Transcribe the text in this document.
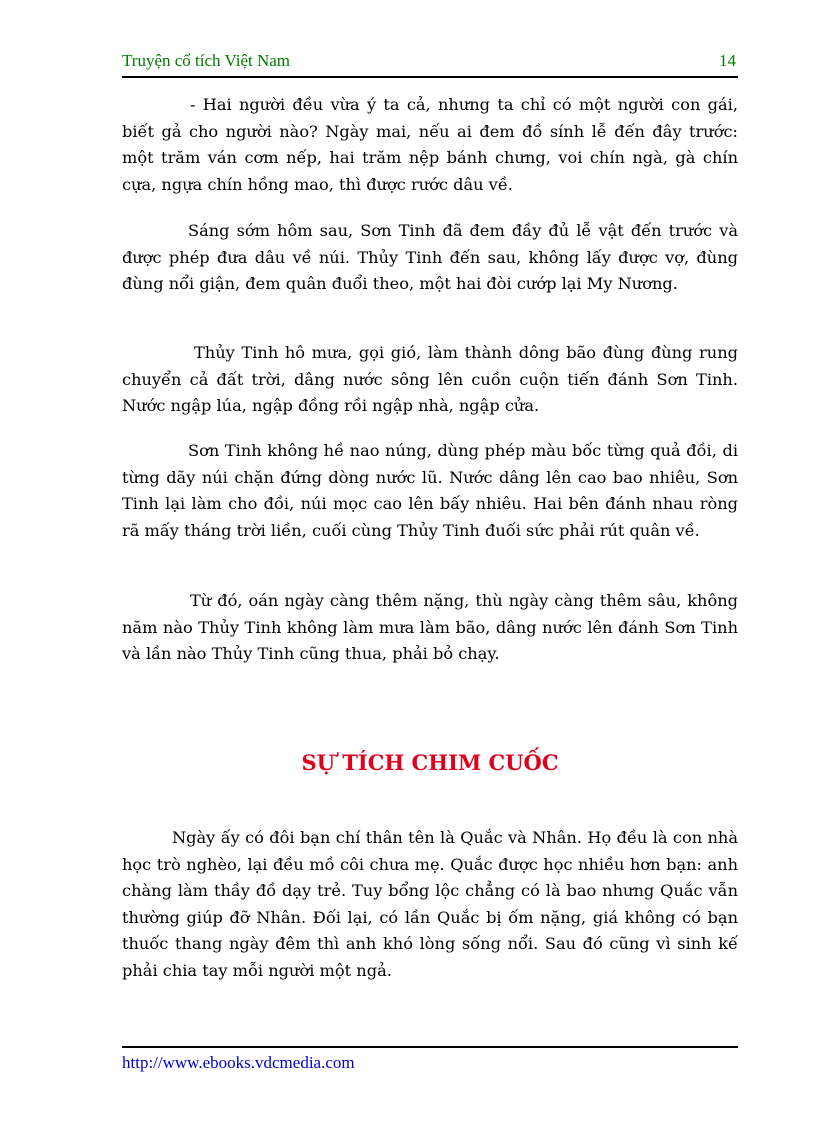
Truyện cổ tích Việt Nam	14

- Hai người đều vừa ý ta cả, nhưng ta chỉ có một người con gái, biết gả cho người nào? Ngày mai, nếu ai đem đồ sính lễ đến đây trước: một trăm ván cơm nếp, hai trăm nệp bánh chưng, voi chín ngà, gà chín cựa, ngựa chín hồng mao, thì được rước dâu về.

Sáng sớm hôm sau, Sơn Tinh đã đem đầy đủ lễ vật đến trước và được phép đưa dâu về núi. Thủy Tinh đến sau, không lấy được vợ, đùng đùng nổi giận, đem quân đuổi theo, một hai đòi cướp lại My Nương.

Thủy Tinh hô mưa, gọi gió, làm thành dông bão đùng đùng rung chuyển cả đất trời, dâng nước sông lên cuồn cuộn tiến đánh Sơn Tinh. Nước ngập lúa, ngập đồng rồi ngập nhà, ngập cửa.

Sơn Tinh không hề nao núng, dùng phép màu bốc từng quả đồi, di từng dãy núi chặn đứng dòng nước lũ. Nước dâng lên cao bao nhiêu, Sơn Tinh lại làm cho đồi, núi mọc cao lên bấy nhiêu. Hai bên đánh nhau ròng rã mấy tháng trời liền, cuối cùng Thủy Tinh đuối sức phải rút quân về.

Từ đó, oán ngày càng thêm nặng, thù ngày càng thêm sâu, không năm nào Thủy Tinh không làm mưa làm bão, dâng nước lên đánh Sơn Tinh và lần nào Thủy Tinh cũng thua, phải bỏ chạy.

SỰ TÍCH CHIM CUỐC

Ngày ấy có đôi bạn chí thân tên là Quắc và Nhân. Họ đều là con nhà học trò nghèo, lại đều mồ côi chưa mẹ. Quắc được học nhiều hơn bạn: anh chàng làm thầy đồ dạy trẻ. Tuy bổng lộc chẳng có là bao nhưng Quắc vẫn thường giúp đỡ Nhân. Đối lại, có lần Quắc bị ốm nặng, giá không có bạn thuốc thang ngày đêm thì anh khó lòng sống nổi. Sau đó cũng vì sinh kế phải chia tay mỗi người một ngả.

http://www.ebooks.vdcmedia.com
